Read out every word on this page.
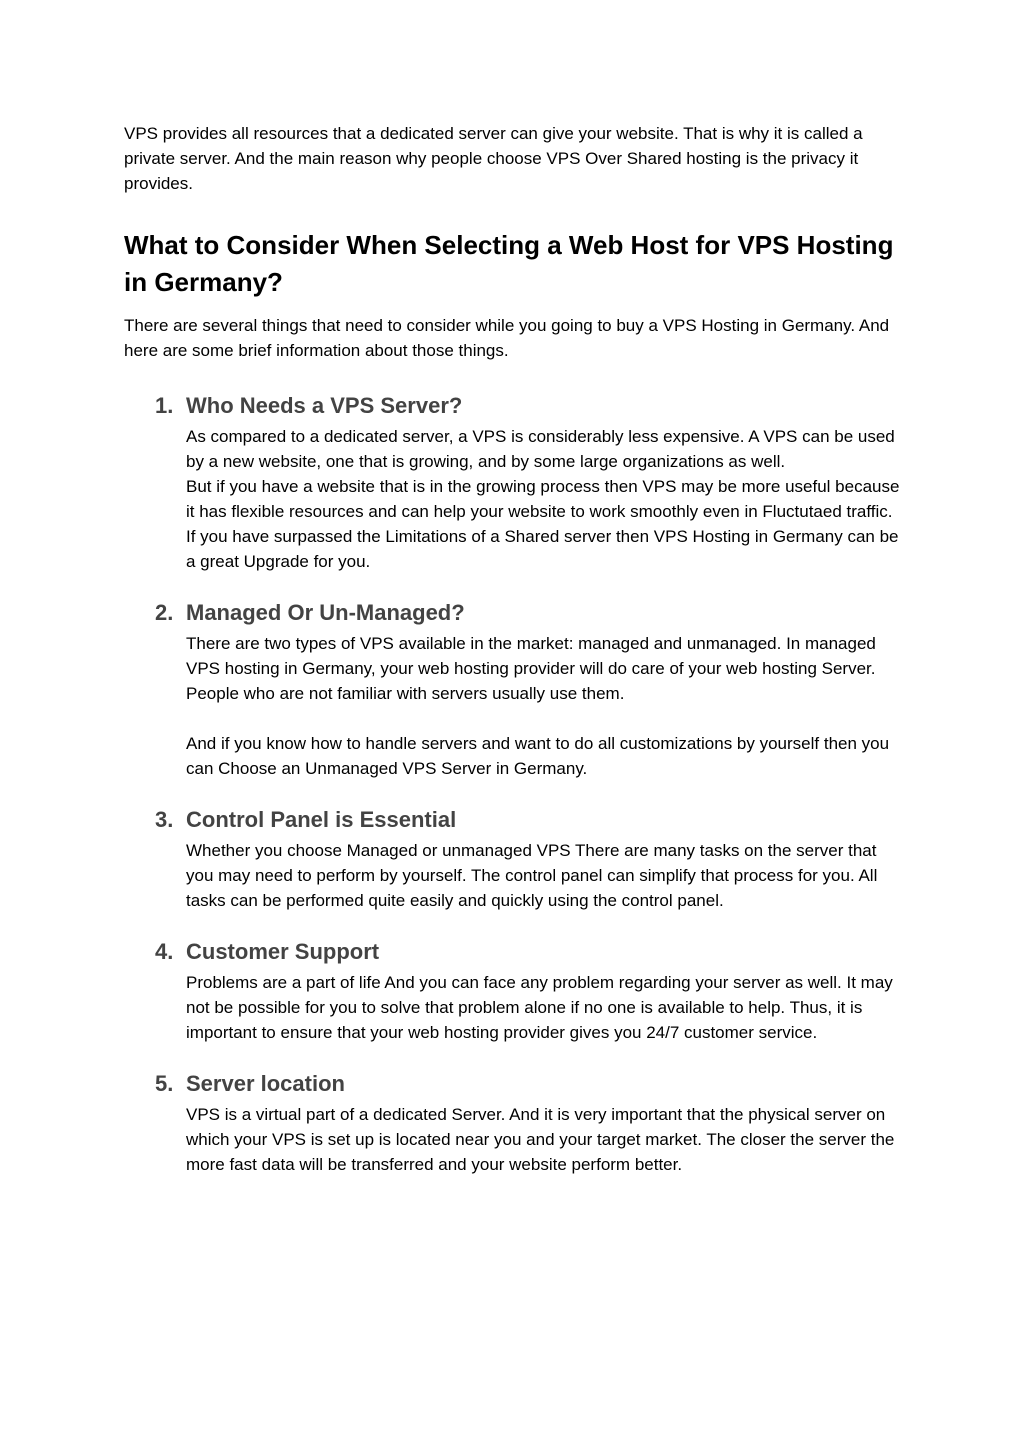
VPS provides all resources that a dedicated server can give your website. That is why it is called a private server. And the main reason why people choose VPS Over Shared hosting is the privacy it provides.

What to Consider When Selecting a Web Host for VPS Hosting in Germany?

There are several things that need to consider while you going to buy a VPS Hosting in Germany. And here are some brief information about those things.

1. Who Needs a VPS Server?

As compared to a dedicated server, a VPS is considerably less expensive. A VPS can be used by a new website, one that is growing, and by some large organizations as well.

But if you have a website that is in the growing process then VPS may be more useful because it has flexible resources and can help your website to work smoothly even in Fluctutaed traffic. If you have surpassed the Limitations of a Shared server then VPS Hosting in Germany can be a great Upgrade for you.

2. Managed Or Un-Managed?

There are two types of VPS available in the market: managed and unmanaged. In managed VPS hosting in Germany, your web hosting provider will do care of your web hosting Server. People who are not familiar with servers usually use them.

And if you know how to handle servers and want to do all customizations by yourself then you can Choose an Unmanaged VPS Server in Germany.

3. Control Panel is Essential

Whether you choose Managed or unmanaged VPS There are many tasks on the server that you may need to perform by yourself. The control panel can simplify that process for you. All tasks can be performed quite easily and quickly using the control panel.

4. Customer Support

Problems are a part of life And you can face any problem regarding your server as well. It may not be possible for you to solve that problem alone if no one is available to help. Thus, it is important to ensure that your web hosting provider gives you 24/7 customer service.

5. Server location

VPS is a virtual part of a dedicated Server. And it is very important that the physical server on which your VPS is set up is located near you and your target market. The closer the server the more fast data will be transferred and your website perform better.
